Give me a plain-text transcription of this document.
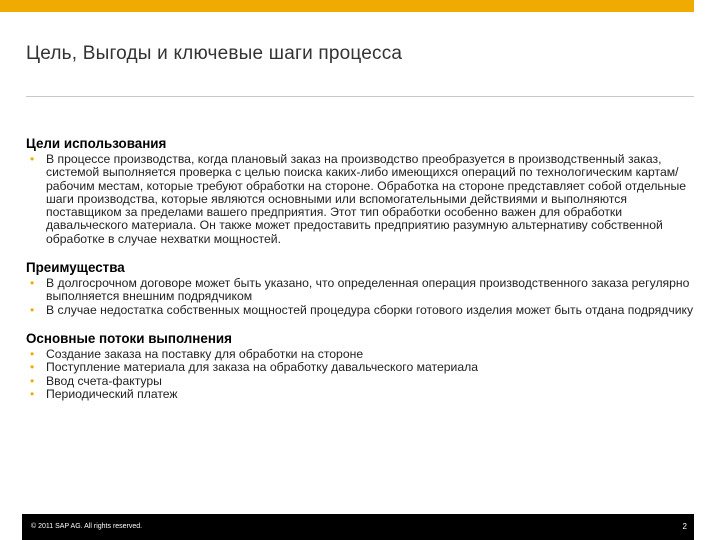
Цель, Выгоды и ключевые шаги процесса
Цели использования
• В процессе производства, когда плановый заказ на производство преобразуется в производственный заказ, системой выполняется проверка с целью поиска каких-либо имеющихся операций по технологическим картам/рабочим местам, которые требуют обработки на стороне. Обработка на стороне представляет собой отдельные шаги производства, которые являются основными или вспомогательными действиями и выполняются поставщиком за пределами вашего предприятия. Этот тип обработки особенно важен для обработки давальческого материала. Он также может предоставить предприятию разумную альтернативу собственной обработке в случае нехватки мощностей.
Преимущества
• В долгосрочном договоре может быть указано, что определенная операция производственного заказа регулярно выполняется внешним подрядчиком
• В случае недостатка собственных мощностей процедура сборки готового изделия может быть отдана подрядчику
Основные потоки выполнения
• Создание заказа на поставку для обработки на стороне
• Поступление материала для заказа на обработку давальческого материала
• Ввод счета-фактуры
• Периодический платеж
© 2011 SAP AG. All rights reserved.	2
